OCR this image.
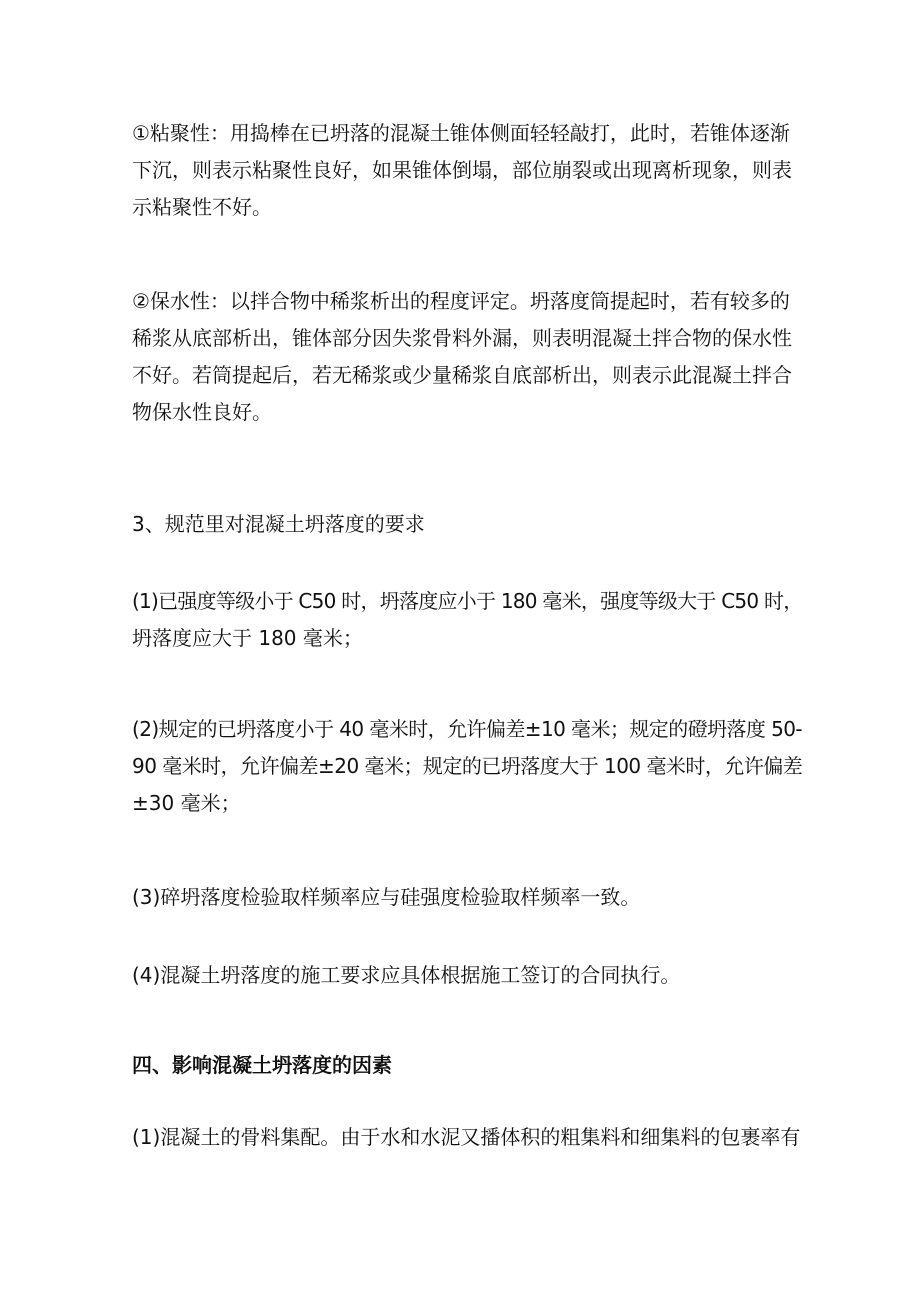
①粘聚性：用捣棒在已坍落的混凝土锥体侧面轻轻敲打，此时，若锥体逐渐
下沉，则表示粘聚性良好，如果锥体倒塌，部位崩裂或出现离析现象，则表
示粘聚性不好。
②保水性：以拌合物中稀浆析出的程度评定。坍落度筒提起时，若有较多的
稀浆从底部析出，锥体部分因失浆骨料外漏，则表明混凝土拌合物的保水性
不好。若筒提起后，若无稀浆或少量稀浆自底部析出，则表示此混凝土拌合
物保水性良好。
3、规范里对混凝土坍落度的要求
(1)已强度等级小于 C50 时，坍落度应小于 180 毫米，强度等级大于 C50 时，
坍落度应大于 180 毫米；
(2)规定的已坍落度小于 40 毫米时，允许偏差±10 毫米；规定的磴坍落度 50-
90 毫米时，允许偏差±20 毫米；规定的已坍落度大于 100 毫米时，允许偏差
±30 毫米；
(3)碎坍落度检验取样频率应与硅强度检验取样频率一致。
(4)混凝土坍落度的施工要求应具体根据施工签订的合同执行。
四、影响混凝土坍落度的因素
(1)混凝土的骨料集配。由于水和水泥又播体积的粗集料和细集料的包裹率有
